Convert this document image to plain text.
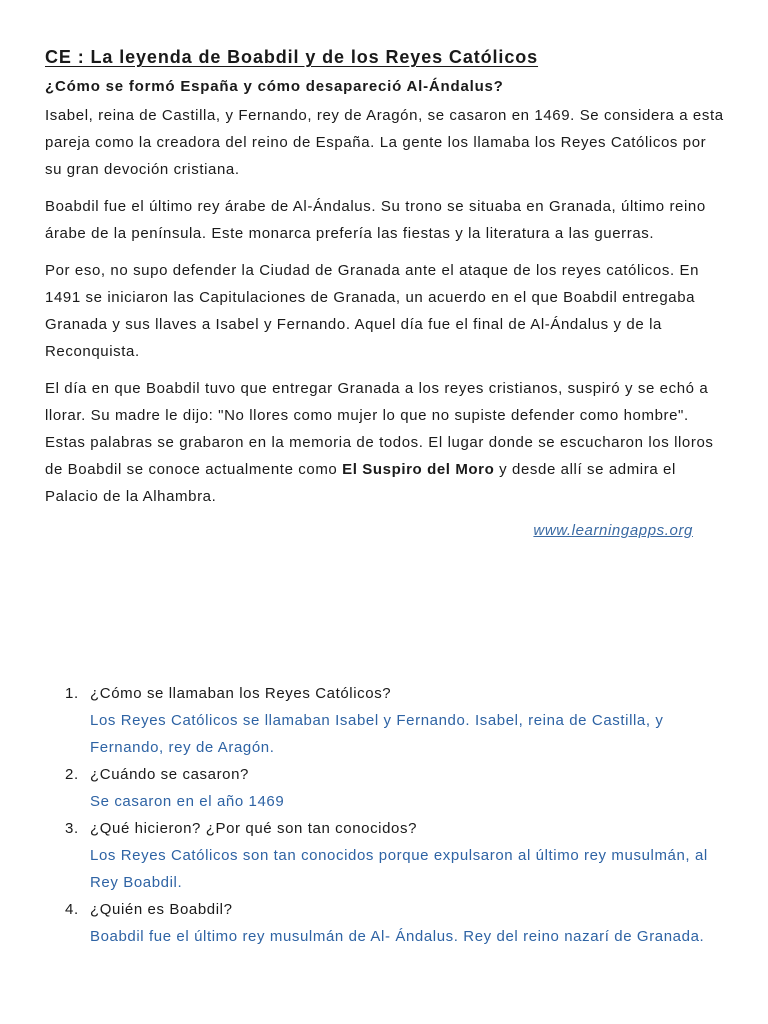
CE : La leyenda de Boabdil y de los Reyes Católicos
¿Cómo se formó España y cómo desapareció Al-Ándalus?

Isabel, reina de Castilla, y Fernando, rey de Aragón, se casaron en 1469. Se considera a esta pareja como la creadora del reino de España. La gente los llamaba los Reyes Católicos por su gran devoción cristiana.

Boabdil fue el último rey árabe de Al-Ándalus. Su trono se situaba en Granada, último reino árabe de la península. Este monarca prefería las fiestas y la literatura a las guerras.

Por eso, no supo defender la Ciudad de Granada ante el ataque de los reyes católicos. En 1491 se iniciaron las Capitulaciones de Granada, un acuerdo en el que Boabdil entregaba Granada y sus llaves a Isabel y Fernando. Aquel día fue el final de Al-Ándalus y de la Reconquista.

El día en que Boabdil tuvo que entregar Granada a los reyes cristianos, suspiró y se echó a llorar. Su madre le dijo: "No llores como mujer lo que no supiste defender como hombre". Estas palabras se grabaron en la memoria de todos. El lugar donde se escucharon los lloros de Boabdil se conoce actualmente como El Suspiro del Moro y desde allí se admira el Palacio de la Alhambra.

www.learningapps.org
1. ¿Cómo se llamaban los Reyes Católicos?
Los Reyes Católicos se llamaban Isabel y Fernando. Isabel, reina de Castilla, y Fernando, rey de Aragón.
2. ¿Cuándo se casaron?
Se casaron en el año 1469
3. ¿Qué hicieron? ¿Por qué son tan conocidos?
Los Reyes Católicos son tan conocidos porque expulsaron al último rey musulmán, al Rey Boabdil.
4. ¿Quién es Boabdil?
Boabdil fue el último rey musulmán de Al- Ándalus. Rey del reino nazarí de Granada.
